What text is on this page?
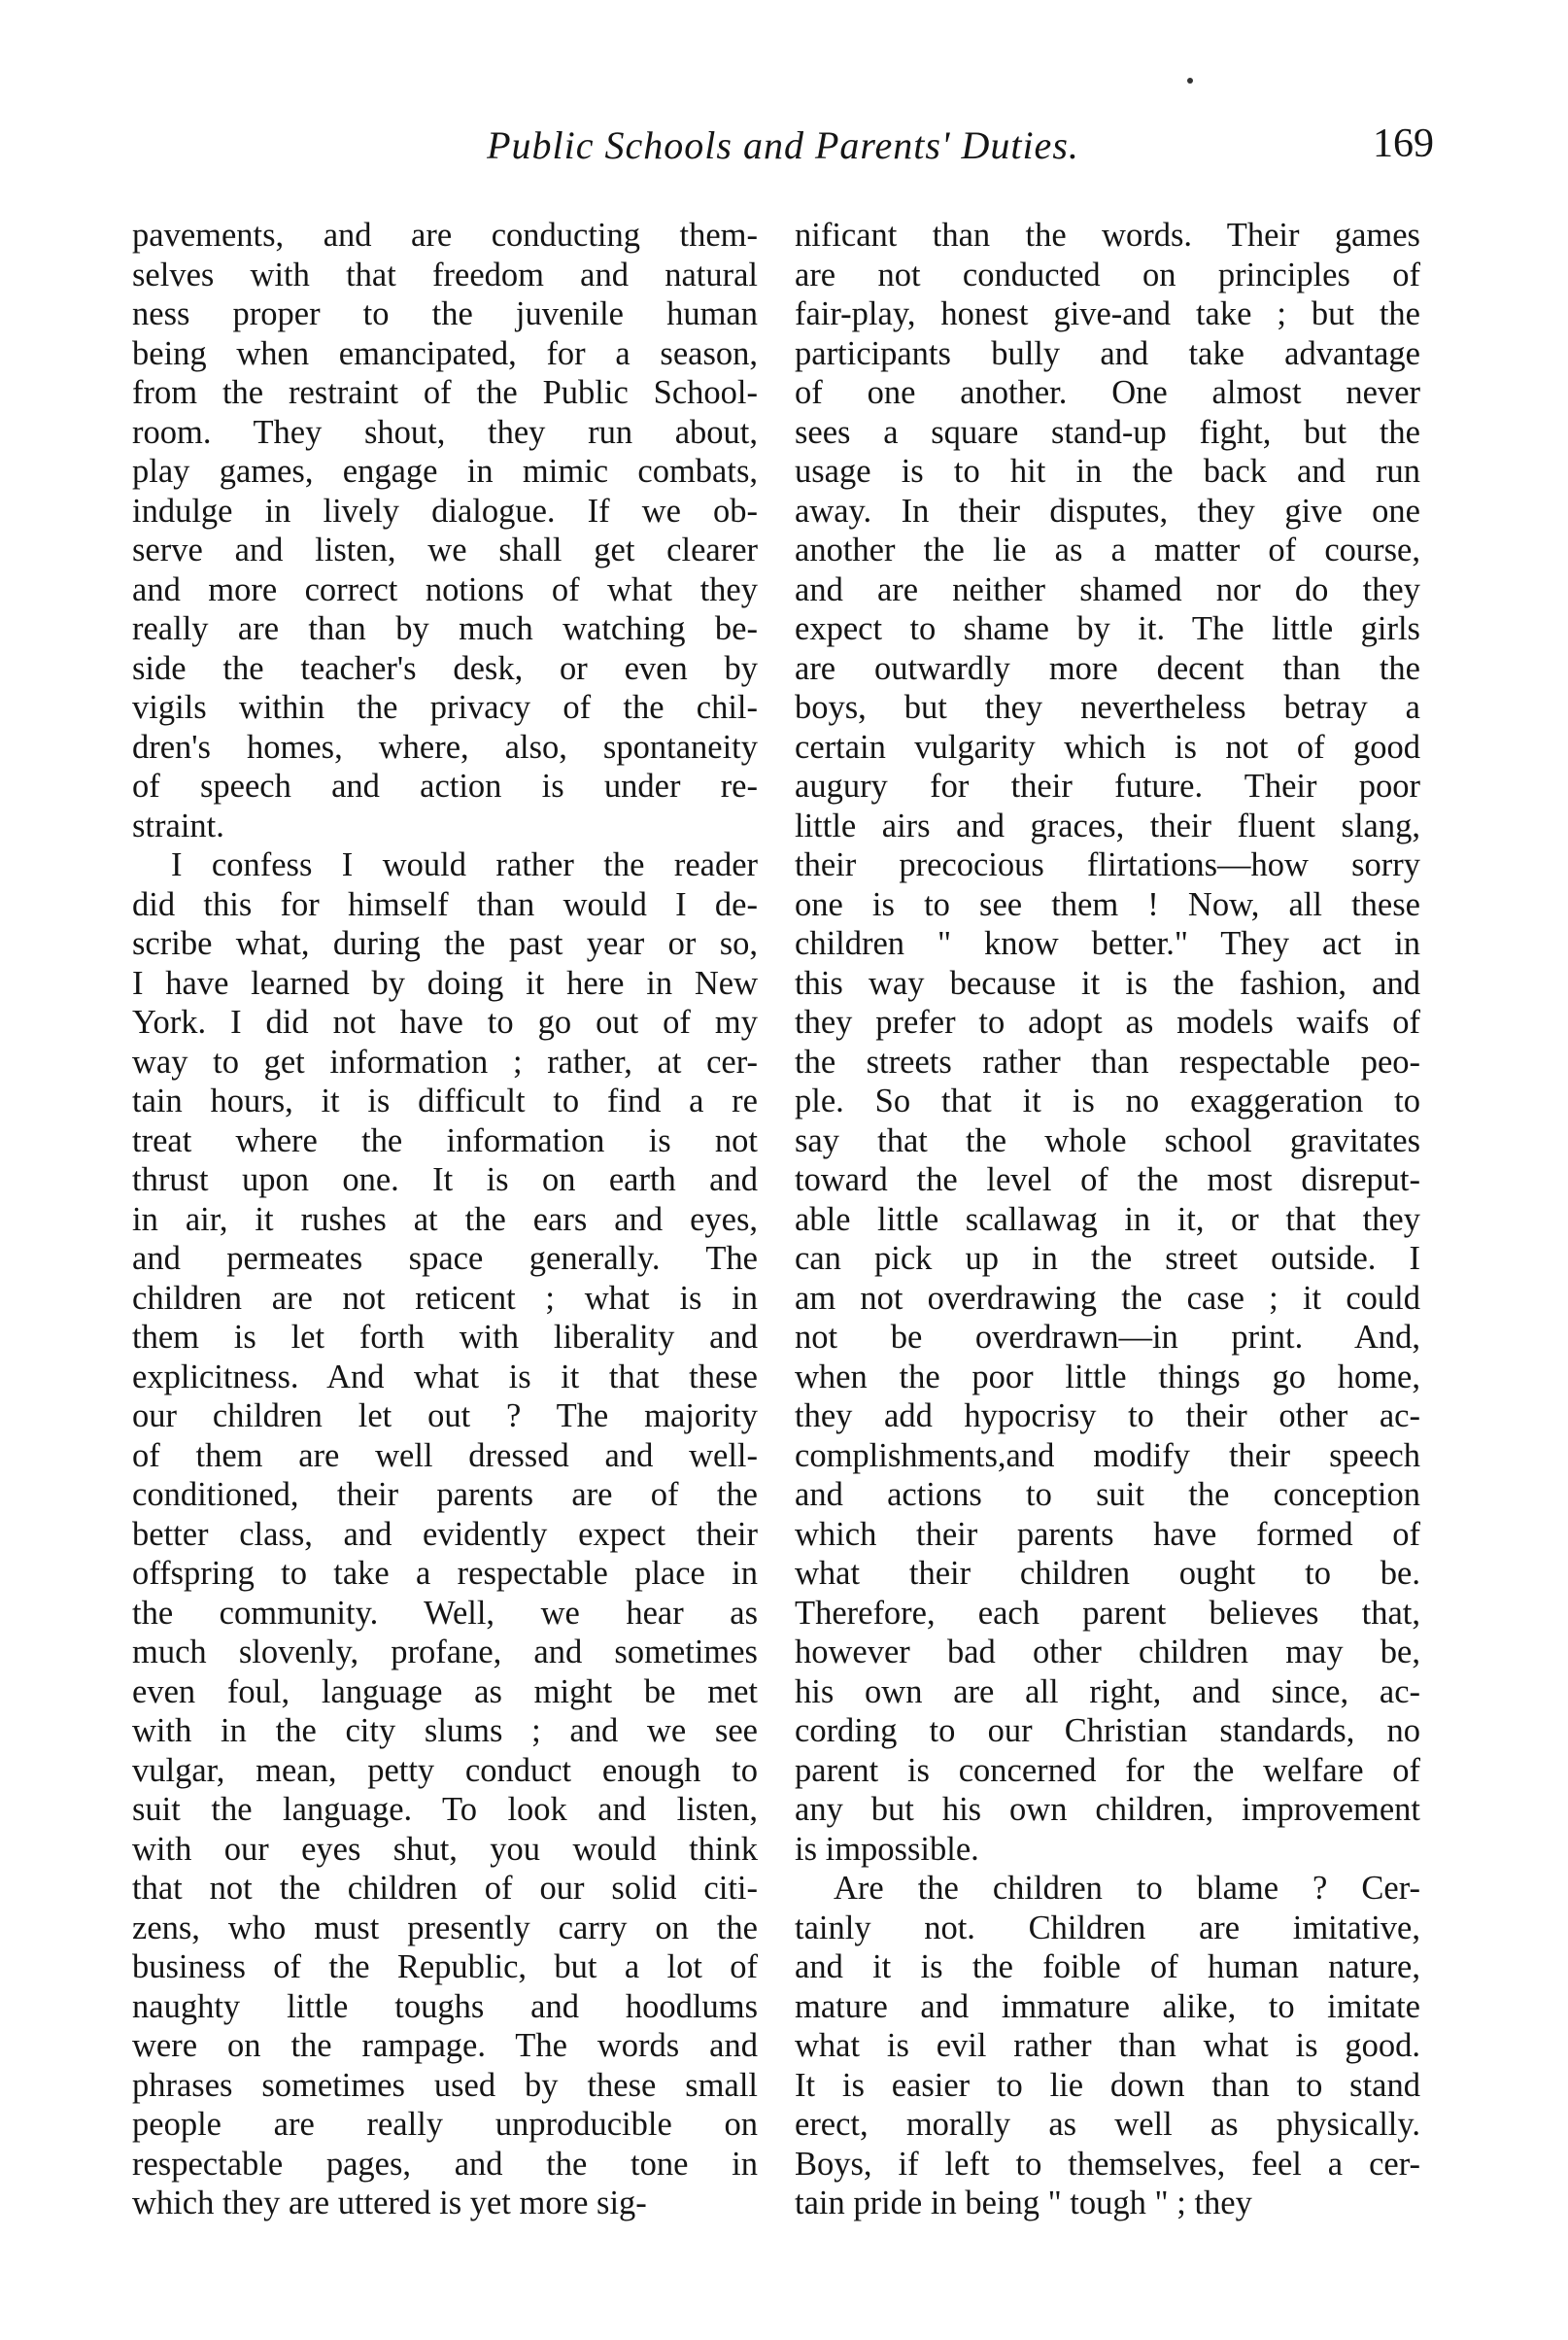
Public Schools and Parents' Duties.	169
pavements, and are conducting them-
selves with that freedom and natural
ness proper to the juvenile human
being when emancipated, for a season,
from the restraint of the Public School-
room. They shout, they run about,
play games, engage in mimic combats,
indulge in lively dialogue. If we ob-
serve and listen, we shall get clearer
and more correct notions of what they
really are than by much watching be-
side the teacher's desk, or even by
vigils within the privacy of the chil-
dren's homes, where, also, spontaneity
of speech and action is under re-
straint.
I confess I would rather the reader
did this for himself than would I de-
scribe what, during the past year or so,
I have learned by doing it here in New
York. I did not have to go out of my
way to get information ; rather, at cer-
tain hours, it is difficult to find a re
treat where the information is not
thrust upon one. It is on earth and
in air, it rushes at the ears and eyes,
and permeates space generally. The
children are not reticent ; what is in
them is let forth with liberality and
explicitness. And what is it that these
our children let out ? The majority
of them are well dressed and well-
conditioned, their parents are of the
better class, and evidently expect their
offspring to take a respectable place in
the community. Well, we hear as
much slovenly, profane, and sometimes
even foul, language as might be met
with in the city slums ; and we see
vulgar, mean, petty conduct enough to
suit the language. To look and listen,
with our eyes shut, you would think
that not the children of our solid citi-
zens, who must presently carry on the
business of the Republic, but a lot of
naughty little toughs and hoodlums
were on the rampage. The words and
phrases sometimes used by these small
people are really unproducible on
respectable pages, and the tone in
which they are uttered is yet more sig-
nificant than the words. Their games
are not conducted on principles of
fair-play, honest give-and take ; but the
participants bully and take advantage
of one another. One almost never
sees a square stand-up fight, but the
usage is to hit in the back and run
away. In their disputes, they give one
another the lie as a matter of course,
and are neither shamed nor do they
expect to shame by it. The little girls
are outwardly more decent than the
boys, but they nevertheless betray a
certain vulgarity which is not of good
augury for their future. Their poor
little airs and graces, their fluent slang,
their precocious flirtations—how sorry
one is to see them ! Now, all these
children " know better." They act in
this way because it is the fashion, and
they prefer to adopt as models waifs of
the streets rather than respectable peo-
ple. So that it is no exaggeration to
say that the whole school gravitates
toward the level of the most disreput-
able little scallawag in it, or that they
can pick up in the street outside. I
am not overdrawing the case ; it could
not be overdrawn—in print. And,
when the poor little things go home,
they add hypocrisy to their other ac-
complishments,and modify their speech
and actions to suit the conception
which their parents have formed of
what their children ought to be.
Therefore, each parent believes that,
however bad other children may be,
his own are all right, and since, ac-
cording to our Christian standards, no
parent is concerned for the welfare of
any but his own children, improvement
is impossible.
Are the children to blame ? Cer-
tainly not. Children are imitative,
and it is the foible of human nature,
mature and immature alike, to imitate
what is evil rather than what is good.
It is easier to lie down than to stand
erect, morally as well as physically.
Boys, if left to themselves, feel a cer-
tain pride in being " tough " ; they
